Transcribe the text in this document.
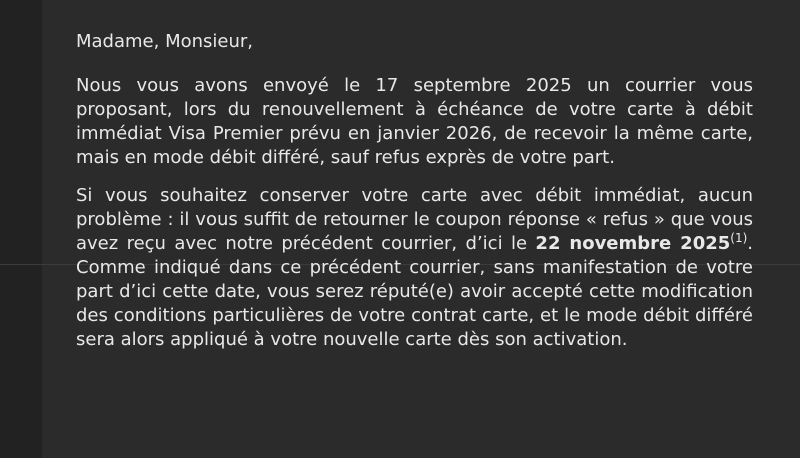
Madame, Monsieur,

Nous vous avons envoyé le 17 septembre 2025 un courrier vous proposant, lors du renouvellement à échéance de votre carte à débit immédiat Visa Premier prévu en janvier 2026, de recevoir la même carte, mais en mode débit différé, sauf refus exprès de votre part.

Si vous souhaitez conserver votre carte avec débit immédiat, aucun problème : il vous suffit de retourner le coupon réponse « refus » que vous avez reçu avec notre précédent courrier, d’ici le 22 novembre 2025$^{(1)}$. Comme indiqué dans ce précédent courrier, sans manifestation de votre part d’ici cette date, vous serez réputé(e) avoir accepté cette modification des conditions particulières de votre contrat carte, et le mode débit différé sera alors appliqué à votre nouvelle carte dès son activation.
